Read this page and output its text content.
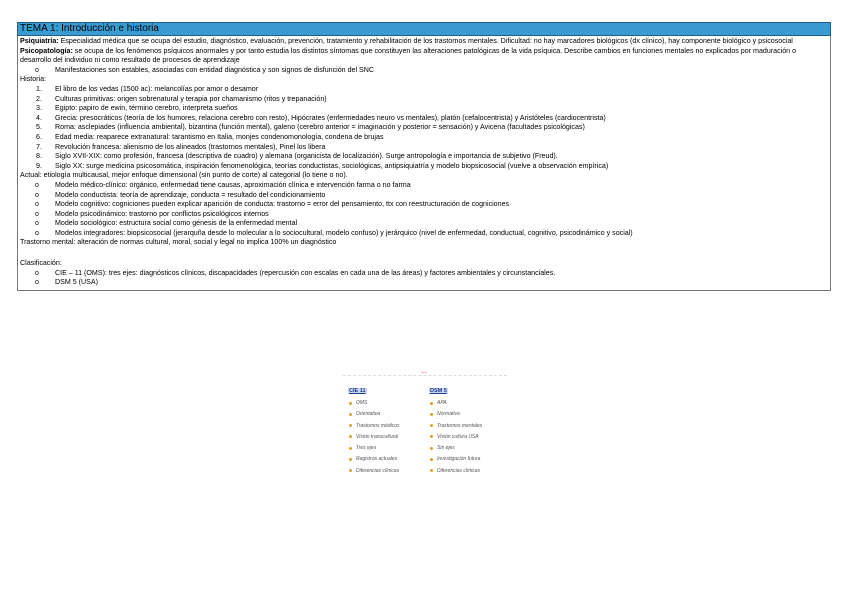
TEMA 1: Introducción e historia

Psiquiatría: Especialidad médica que se ocupa del estudio, diagnóstico, evaluación, prevención, tratamiento y rehabilitación de los trastornos mentales. Dificultad: no hay marcadores biológicos (dx clínico), hay componente biológico y psicosocial

Psicopatología: se ocupa de los fenómenos psíquicos anormales y por tanto estudia los distintos síntomas que constituyen las alteraciones patológicas de la vida psíquica. Describe cambios en funciones mentales no explicados por maduración o desarrollo del individuo ni como resultado de procesos de aprendizaje

o Manifestaciones son estables, asociadas con entidad diagnóstica y son signos de disfunción del SNC

Historia:

1. El libro de los vedas (1500 ac): melancolías por amor o desamor
2. Culturas primitivas: origen sobrenatural y terapia por chamanismo (ritos y trepanación)
3. Egipto: papiro de ewin, término cerebro, interpreta sueños
4. Grecia: presocráticos (teoría de los humores, relaciona cerebro con resto), Hipócrates (enfermedades neuro vs mentales), platón (cefalocentrista) y Aristóteles (cardiocentrista)
5. Roma: asclepiades (influencia ambiental), bizantina (función mental), galeno (cerebro anterior = imaginación y posterior = sensación) y Avicena (facultades psicológicas)
6. Edad media: reaparece extranatural: tarantismo en Italia, monjes condenomonología, condena de brujas
7. Revolución francesa: alienismo de los alineados (trastornos mentales), Pinel los libera
8. Siglo XVII-XIX: como profesión, francesa (descriptiva de cuadro) y alemana (organicista de localización). Surge antropología e importancia de subjetivo (Freud).
9. Siglo XX: surge medicina psicosomática, inspiración fenomenológica, teorías conductistas, sociológicas, antipsiquiatría y modelo biopsicosocial (vuelve a observación empírica)

Actual: etiología multicausal, mejor enfoque dimensional (sin punto de corte) al categorial (lo tiene o no).

o Modelo médico-clínico: orgánico, enfermedad tiene causas, aproximación clínica e intervención farma o no farma
o Modelo conductista: teoría de aprendizaje, conducta = resultado del condicionamiento
o Modelo cognitivo: cogniciones pueden explicar aparición de conducta: trastorno = error del pensamiento, ttx con reestructuración de cogniciones
o Modelo psicodinámico: trastorno por conflictos psicológicos internos
o Modelo sociológico: estructura social como génesis de la enfermedad mental
o Modelos integradores: biopsicosocial (jerarquña desde lo molecular a lo sociocultural, modelo confuso) y jerárquico (nivel de enfermedad, conductual, cognitivo, psicodinámico y social)

Trastorno mental: alteración de normas cultural, moral, social y legal no implica 100% un diagnóstico

Clasificación:

o CIE – 11 (OMS): tres ejes: diagnósticos clínicos, discapacidades (repercusión con escalas en cada una de las áreas) y factores ambientales y circunstanciales.
o DSM 5 (USA)
CIE 11
OMS
Orientativa
Trastornos médicos
Visión transcultural
Tres ejes
Registros actuales
Diferencias clínicas
DSM 5
APA
Normativa
Trastornos mentales
Visión cultura USA
Sin ejes
Investigación futura
Diferencias clínicas
